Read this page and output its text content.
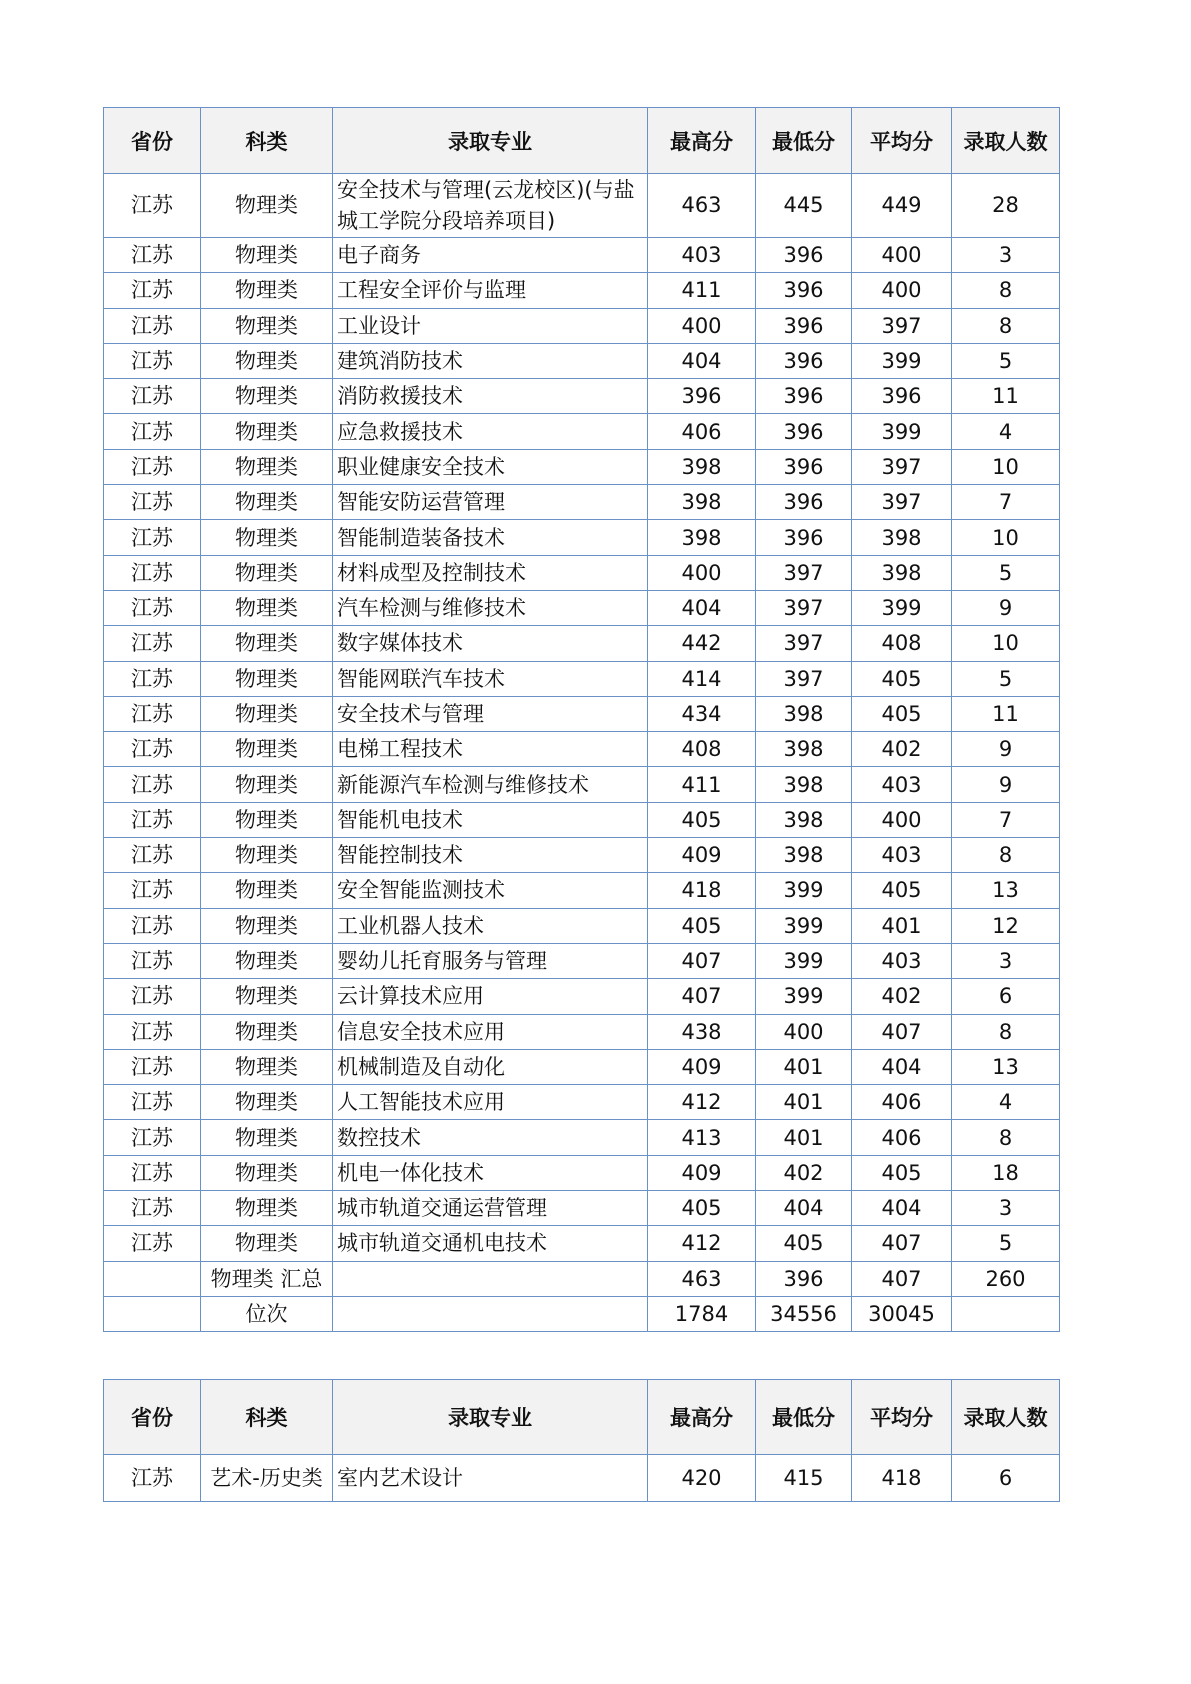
省份	科类	录取专业	最高分	最低分	平均分	录取人数
江苏	物理类	安全技术与管理(云龙校区)(与盐城工学院分段培养项目)	463	445	449	28
江苏	物理类	电子商务	403	396	400	3
江苏	物理类	工程安全评价与监理	411	396	400	8
江苏	物理类	工业设计	400	396	397	8
江苏	物理类	建筑消防技术	404	396	399	5
江苏	物理类	消防救援技术	396	396	396	11
江苏	物理类	应急救援技术	406	396	399	4
江苏	物理类	职业健康安全技术	398	396	397	10
江苏	物理类	智能安防运营管理	398	396	397	7
江苏	物理类	智能制造装备技术	398	396	398	10
江苏	物理类	材料成型及控制技术	400	397	398	5
江苏	物理类	汽车检测与维修技术	404	397	399	9
江苏	物理类	数字媒体技术	442	397	408	10
江苏	物理类	智能网联汽车技术	414	397	405	5
江苏	物理类	安全技术与管理	434	398	405	11
江苏	物理类	电梯工程技术	408	398	402	9
江苏	物理类	新能源汽车检测与维修技术	411	398	403	9
江苏	物理类	智能机电技术	405	398	400	7
江苏	物理类	智能控制技术	409	398	403	8
江苏	物理类	安全智能监测技术	418	399	405	13
江苏	物理类	工业机器人技术	405	399	401	12
江苏	物理类	婴幼儿托育服务与管理	407	399	403	3
江苏	物理类	云计算技术应用	407	399	402	6
江苏	物理类	信息安全技术应用	438	400	407	8
江苏	物理类	机械制造及自动化	409	401	404	13
江苏	物理类	人工智能技术应用	412	401	406	4
江苏	物理类	数控技术	413	401	406	8
江苏	物理类	机电一体化技术	409	402	405	18
江苏	物理类	城市轨道交通运营管理	405	404	404	3
江苏	物理类	城市轨道交通机电技术	412	405	407	5
	物理类 汇总		463	396	407	260
	位次		1784	34556	30045	
省份	科类	录取专业	最高分	最低分	平均分	录取人数
江苏	艺术-历史类	室内艺术设计	420	415	418	6
